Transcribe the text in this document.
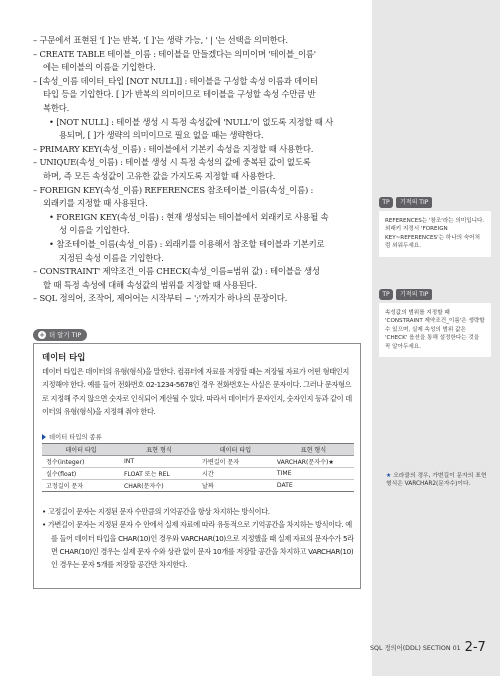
– 구문에서 표현된 '[ ]'는 반복, '[ ]'는 생략 가능, ' | '는 선택을 의미한다.
– CREATE TABLE 테이블_이름 : 테이블을 만들겠다는 의미이며 '테이블_이름'
에는 테이블의 이름을 기입한다.
– [속성_이름 데이터_타입 [NOT NULL]] : 테이블을 구성할 속성 이름과 데이터
타입 등을 기입한다. [ ]가 반복의 의미이므로 테이블을 구성할 속성 수만큼 반
복한다.
• [NOT NULL] : 테이블 생성 시 특정 속성값에 'NULL'이 없도록 지정할 때 사
용되며, [ ]가 생략의 의미이므로 필요 없을 때는 생략한다.
– PRIMARY KEY(속성_이름) : 테이블에서 기본키 속성을 지정할 때 사용한다.
– UNIQUE(속성_이름) : 테이블 생성 시 특정 속성의 값에 중복된 값이 없도록
하며, 즉 모든 속성값이 고유한 값을 가지도록 지정할 때 사용한다.
– FOREIGN KEY(속성_이름) REFERENCES 참조테이블_이름(속성_이름) :
외래키를 지정할 때 사용된다.
• FOREIGN KEY(속성_이름) : 현재 생성되는 테이블에서 외래키로 사용될 속
성 이름을 기입한다.
• 참조테이블_이름(속성_이름) : 외래키를 이용해서 참조할 테이블과 기본키로
지정된 속성 이름을 기입한다.
– CONSTRAINT' 제약조건_이름 CHECK(속성_이름=범위 값) : 테이블을 생성
할 때 특정 속성에 대해 속성값의 범위를 지정할 때 사용된다.
– SQL 정의어, 조작어, 제어어는 시작부터 ~ ';'까지가 하나의 문장이다.
+ 더 알기 TIP
데이터 타입
데이터 타입은 데이터의 유형(형식)을 말한다. 컴퓨터에 자료를 저장할 때는 저장될 자료가 어떤 형태인지 지정해야 한다. 예를 들어 전화번호 02-1234-5678인 경우 전화번호는 사실은 문자이다. 그러나 문자형으로 지정해 주지 않으면 숫자로 인식되어 계산될 수 있다. 따라서 데이터가 문자인지, 숫자인지 등과 같이 데이터의 유형(형식)을 지정해 줘야 한다.
데이터 타입의 종류
데이터 타입	표현 형식	데이터 타입	표현 형식
정수(integer)	INT	가변길이 문자	VARCHAR(문자수)★
실수(float)	FLOAT 또는 REL	시간	TIME
고정길이 문자	CHAR(문자수)	날짜	DATE
• 고정길이 문자는 지정된 문자 수만큼의 기억공간을 항상 차지하는 방식이다.
• 가변길이 문자는 지정된 문자 수 안에서 실제 자료에 따라 유동적으로 기억공간을 차지하는 방식이다. 예를 들어 데이터 타입을 CHAR(10)인 경우와 VARCHAR(10)으로 지정했을 때 실제 자료의 문자수가 5라면 CHAR(10)인 경우는 실제 문자 수와 상관 없이 문자 10개를 저장할 공간을 차지하고 VARCHAR(10)인 경우는 문자 5개를 저장할 공간만 차지한다.
TP	기적의 TIP
REFERENCES는 '참조'라는 의미입니다. 외래키 지정시 'FOREIGN KEY~REFERENCES'는 하나의 숙어처럼 외워두세요.
TP	기적의 TIP
속성값의 범위를 지정할 때 'CONSTRAINT 제약조건_이름'은 생략할 수 있으며, 실제 속성의 범위 값은 'CHECK' 옵션을 통해 설정한다는 것을 꼭 알아두세요.
★ 오라클의 경우, 가변길이 문자의 표현 형식은 VARCHAR2(문자수)이다.
SQL 정의어(DDL) SECTION 01 2-7
